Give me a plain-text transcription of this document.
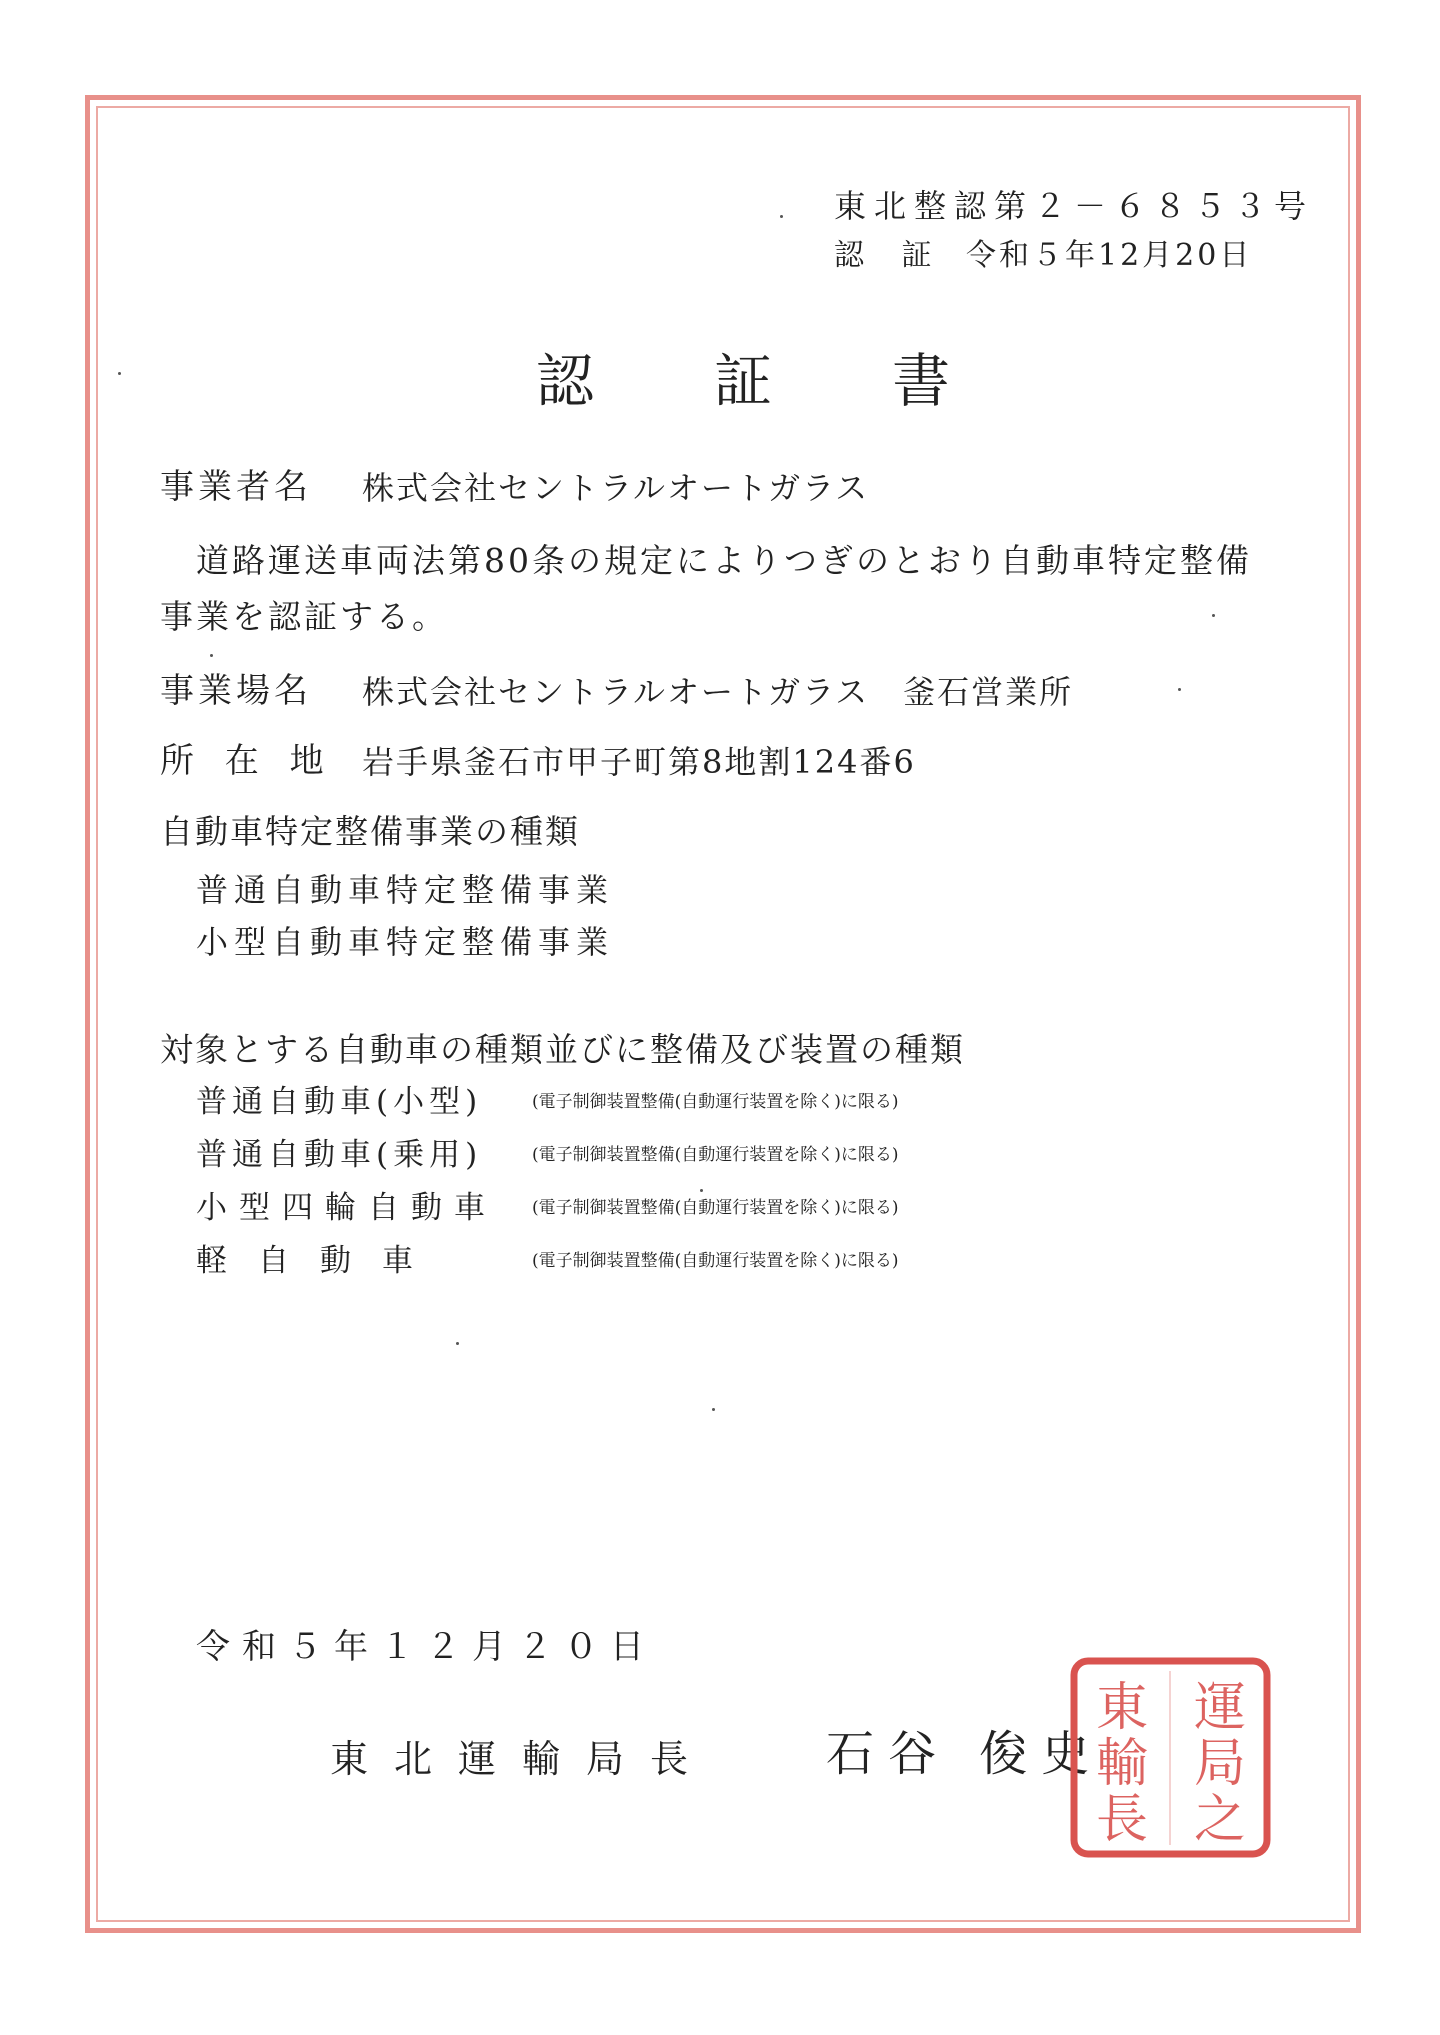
東北整認第２－６８５３号
認 証 令和５年12月20日
認証書
事業者名 株式会社セントラルオートガラス
道路運送車両法第80条の規定によりつぎのとおり自動車特定整備
事業を認証する。
事業場名 株式会社セントラルオートガラス　釜石営業所
所 在 地 岩手県釜石市甲子町第8地割124番6
自動車特定整備事業の種類
普通自動車特定整備事業
小型自動車特定整備事業
対象とする自動車の種類並びに整備及び装置の種類
普通自動車(小型)	(電子制御装置整備(自動運行装置を除く)に限る)
普通自動車(乗用)	(電子制御装置整備(自動運行装置を除く)に限る)
小型四輪自動車 (電子制御装置整備(自動運行装置を除く)に限る)
軽　自　動　車	(電子制御装置整備(自動運行装置を除く)に限る)
令和５年１２月２０日
東北運輸局長 石谷 俊史
運
局
之
東
輸
長
